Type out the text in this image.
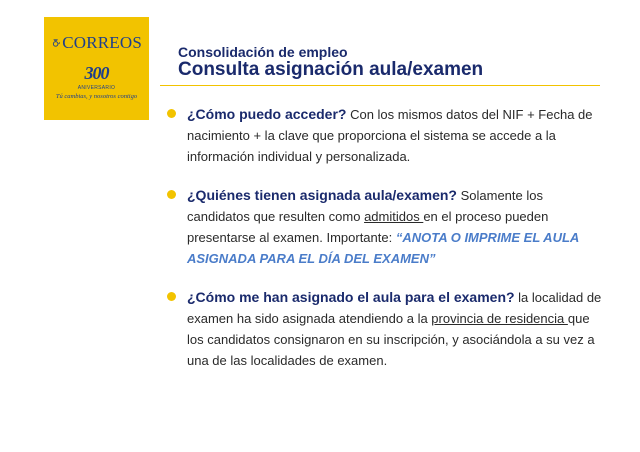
CORREOS
300
ANIVERSARIO
Tú cambias, y nosotros contigo
Consolidación de empleo
Consulta asignación aula/examen
¿Cómo puedo acceder? Con los mismos datos del NIF + Fecha de nacimiento + la clave que proporciona el sistema se accede a la información individual y personalizada.
¿Quiénes tienen asignada aula/examen? Solamente los candidatos que resulten como admitidos en el proceso pueden presentarse al examen. Importante: “ANOTA O IMPRIME EL AULA ASIGNADA PARA EL DÍA DEL EXAMEN”
¿Cómo me han asignado el aula para el examen? la localidad de examen ha sido asignada atendiendo a la provincia de residencia que los candidatos consignaron en su inscripción, y asociándola a su vez a una de las localidades de examen.
